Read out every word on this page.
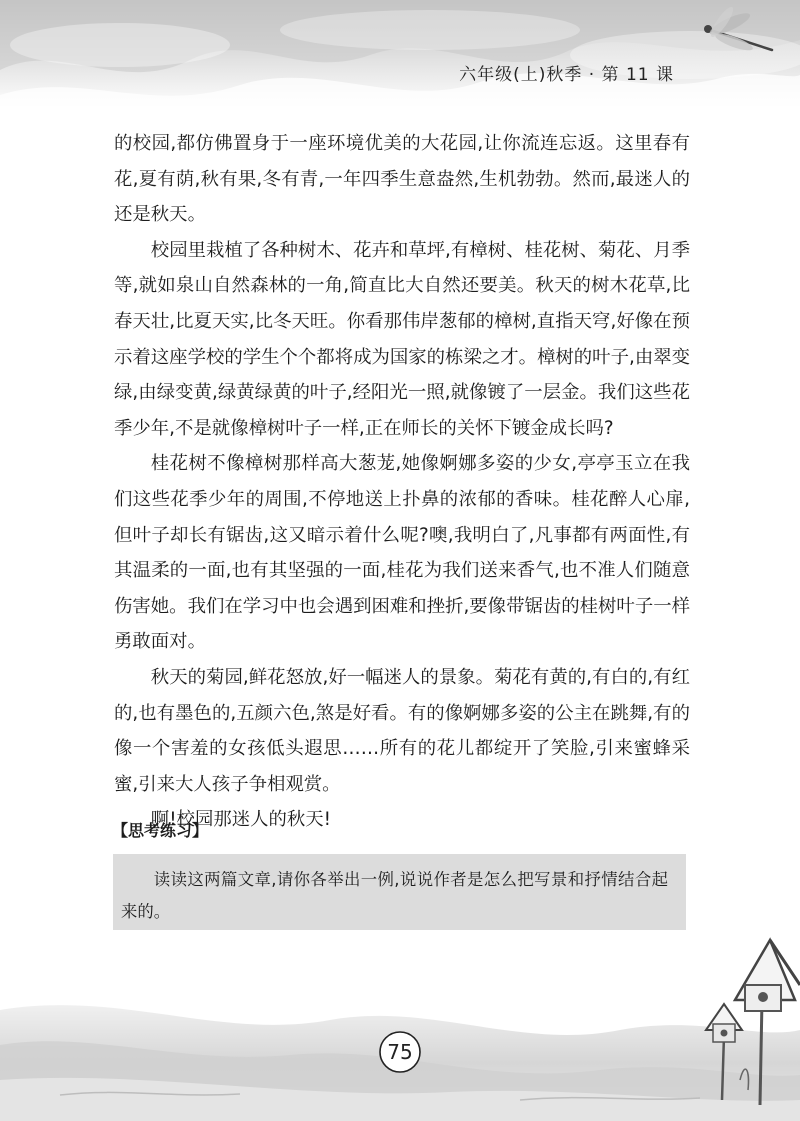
六年级(上)秋季 · 第 11 课

的校园,都仿佛置身于一座环境优美的大花园,让你流连忘返。这里春有花,夏有荫,秋有果,冬有青,一年四季生意盎然,生机勃勃。然而,最迷人的还是秋天。

校园里栽植了各种树木、花卉和草坪,有樟树、桂花树、菊花、月季等,就如泉山自然森林的一角,简直比大自然还要美。秋天的树木花草,比春天壮,比夏天实,比冬天旺。你看那伟岸葱郁的樟树,直指天穹,好像在预示着这座学校的学生个个都将成为国家的栋梁之才。樟树的叶子,由翠变绿,由绿变黄,绿黄绿黄的叶子,经阳光一照,就像镀了一层金。我们这些花季少年,不是就像樟树叶子一样,正在师长的关怀下镀金成长吗?

桂花树不像樟树那样高大葱茏,她像婀娜多姿的少女,亭亭玉立在我们这些花季少年的周围,不停地送上扑鼻的浓郁的香味。桂花醉人心扉,但叶子却长有锯齿,这又暗示着什么呢?噢,我明白了,凡事都有两面性,有其温柔的一面,也有其坚强的一面,桂花为我们送来香气,也不准人们随意伤害她。我们在学习中也会遇到困难和挫折,要像带锯齿的桂树叶子一样勇敢面对。

秋天的菊园,鲜花怒放,好一幅迷人的景象。菊花有黄的,有白的,有红的,也有墨色的,五颜六色,煞是好看。有的像婀娜多姿的公主在跳舞,有的像一个害羞的女孩低头遐思……所有的花儿都绽开了笑脸,引来蜜蜂采蜜,引来大人孩子争相观赏。

啊!校园那迷人的秋天!

【思考练习】

读读这两篇文章,请你各举出一例,说说作者是怎么把写景和抒情结合起来的。

75
